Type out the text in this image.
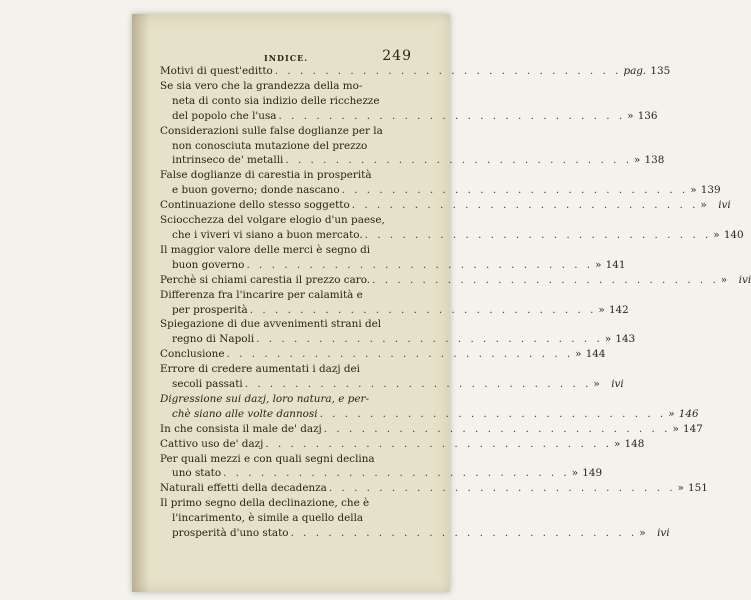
INDICE.	249
Motivi di quest'editto . . . . . . . . . . . . . . . . . . . . . . . . . . . . pag. 135
Se sia vero che la grandezza della mo-
neta di conto sia indizio delle ricchezze
del popolo che l'usa . . . . . . . . . . . . . . . . . . . . . . . . . . . . » 136
Considerazioni sulle false doglianze per la
non conosciuta mutazione del prezzo
intrinseco de' metalli . . . . . . . . . . . . . . . . . . . . . . . . . . . . » 138
False doglianze di carestia in prosperità
e buon governo; donde nascano . . . . . . . . . . . . . . . . . . . . . . . . . . . . » 139
Continuazione dello stesso soggetto . . . . . . . . . . . . . . . . . . . . . . . . . . . . » ivi
Sciocchezza del volgare elogio d'un paese,
che i viveri vi siano a buon mercato. . . . . . . . . . . . . . . . . . . . . . . . . . . . . » 140
Il maggior valore delle merci è segno di
buon governo . . . . . . . . . . . . . . . . . . . . . . . . . . . . » 141
Perchè si chiami carestia il prezzo caro. . . . . . . . . . . . . . . . . . . . . . . . . . . . . » ivi
Differenza fra l'incarire per calamità e
per prosperità . . . . . . . . . . . . . . . . . . . . . . . . . . . . » 142
Spiegazione di due avvenimenti strani del
regno di Napoli . . . . . . . . . . . . . . . . . . . . . . . . . . . . » 143
Conclusione . . . . . . . . . . . . . . . . . . . . . . . . . . . . » 144
Errore di credere aumentati i dazj dei
secoli passati . . . . . . . . . . . . . . . . . . . . . . . . . . . . » ivi
Digressione sui dazj, loro natura, e per-
chè siano alle volte dannosi . . . . . . . . . . . . . . . . . . . . . . . . . . . . » 146
In che consista il male de' dazj . . . . . . . . . . . . . . . . . . . . . . . . . . . . » 147
Cattivo uso de' dazj . . . . . . . . . . . . . . . . . . . . . . . . . . . . » 148
Per quali mezzi e con quali segni declina
uno stato . . . . . . . . . . . . . . . . . . . . . . . . . . . . » 149
Naturali effetti della decadenza . . . . . . . . . . . . . . . . . . . . . . . . . . . . » 151
Il primo segno della declinazione, che è
l'incarimento, è simile a quello della
prosperità d'uno stato . . . . . . . . . . . . . . . . . . . . . . . . . . . . » ivi
